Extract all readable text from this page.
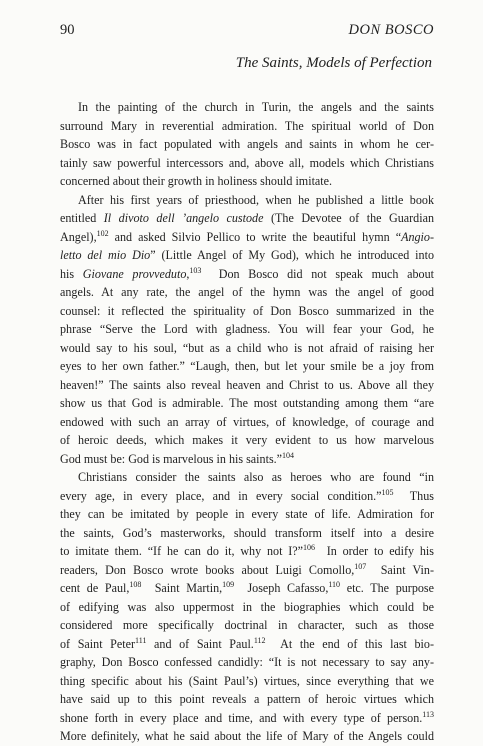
90	DON BOSCO
The Saints, Models of Perfection
In the painting of the church in Turin, the angels and the saints
surround Mary in reverential admiration. The spiritual world of Don
Bosco was in fact populated with angels and saints in whom he cer-
tainly saw powerful intercessors and, above all, models which Christians
concerned about their growth in holiness should imitate.
After his first years of priesthood, when he published a little book
entitled Il divoto dell ’angelo custode (The Devotee of the Guardian
Angel),$^{102}$ and asked Silvio Pellico to write the beautiful hymn “Angio-
letto del mio Dio” (Little Angel of My God), which he introduced into
his Giovane provveduto,$^{103}$  Don Bosco did not speak much about
angels. At any rate, the angel of the hymn was the angel of good
counsel: it reflected the spirituality of Don Bosco summarized in the
phrase “Serve the Lord with gladness. You will fear your God, he
would say to his soul, “but as a child who is not afraid of raising her
eyes to her own father.” “Laugh, then, but let your smile be a joy from
heaven!” The saints also reveal heaven and Christ to us. Above all they
show us that God is admirable. The most outstanding among them “are
endowed with such an array of virtues, of knowledge, of courage and
of heroic deeds, which makes it very evident to us how marvelous
God must be: God is marvelous in his saints.”$^{104}$
Christians consider the saints also as heroes who are found “in
every age, in every place, and in every social condition.”$^{105}$  Thus
they can be imitated by people in every state of life. Admiration for
the saints, God’s masterworks, should transform itself into a desire
to imitate them. “If he can do it, why not I?”$^{106}$  In order to edify his
readers, Don Bosco wrote books about Luigi Comollo,$^{107}$  Saint Vin-
cent de Paul,$^{108}$  Saint Martin,$^{109}$  Joseph Cafasso,$^{110}$ etc. The purpose
of edifying was also uppermost in the biographies which could be
considered more specifically doctrinal in character, such as those
of Saint Peter$^{111}$ and of Saint Paul.$^{112}$  At the end of this last bio-
graphy, Don Bosco confessed candidly: “It is not necessary to say any-
thing specific about his (Saint Paul’s) virtues, since everything that we
have said up to this point reveals a pattern of heroic virtues which
shone forth in every place and time, and with every type of person.$^{113}$
More definitely, what he said about the life of Mary of the Angels could
